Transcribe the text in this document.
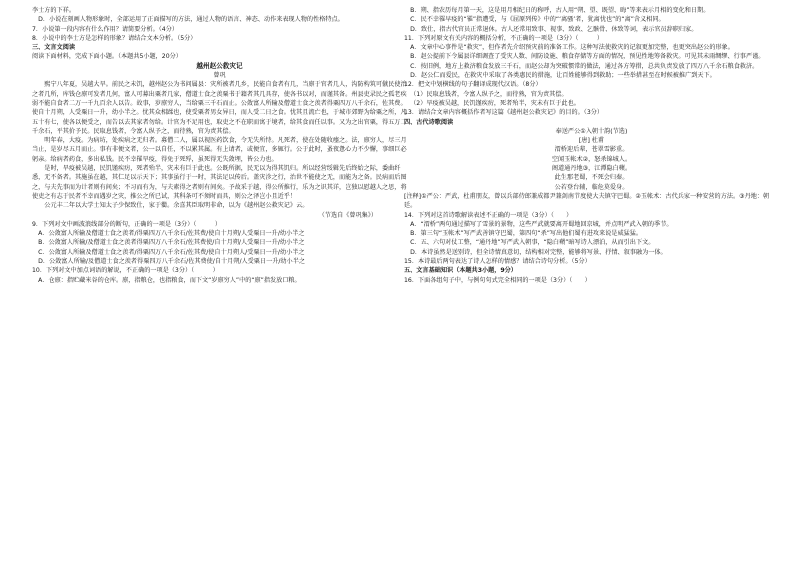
李士方的下祥。

D．小说在刻画人物形象时，全部运用了正面描写的方法，通过人物的语言、神态、动作来表现人物的性格特点。

7．小说第一段内容有什么作用？请简要分析。（4分）

8．小说中的李士方是怎样的形象？请结合文本分析。（5分）

三、文言文阅读

阅读下面材料，完成下面小题。（本题共5小题，20分）

越州赵公救灾记

曾巩

熙宁八年夏，吴越大旱。前民之未饥，越州赵公为书问属县：灾所被者几乡，民能自食者有几，当廪于官者几人，沟防构筑可僦民使治之者几所，库钱仓廪可发者几何，富人可募出粟者几家，僧道士食之羡粟书于籍者其几具存，使各书以对，而谨其备。州县吏录民之孤老疾弱不能自食者二万一千九百余人以告。故事，岁廪穷人，当给粟三千石而止。公敛富人所输及僧道士食之羡者得粟四万八千余石，佐其费。使自十月朔，人受粟日一升，幼小半之。忧其众相蹂也，使受粟者男女异日，而人受二日之食。忧其且流亡也，于城市郊野为给粟之所，凡五十有七，使各以便受之，而告以去其家者勿给。计官为不足用也，取吏之不在职而寓于境者，给其食而任以事。又为之出官粟，得五万二千余石，平其价予民。民取息钱者，令富人纵予之，而待熟，官为责其偿。

明年春，大疫。为病坊，处疾病之无归者。募僧二人，属以视医药饮食，令无失所恃。凡死者，使在处随收瘗之。法，廪穷人，尽三月当止，是岁尽五月而止。事有非便文者，公一以自任，不以累其属。有上请者，或便宜，多辄行。公于此时，蚤夜惫心力不少懈，事细巨必躬亲。给病者药食，多出私钱。民不幸罹旱疫，得免于死殍，虽死得无失敛埋，皆公力也。

是时，旱疫被吴越，民饥馑疾疠，死者殆半，灾未有巨于此也。公既所据，民无以为得其饥归。所以经营绥辑先后终始之际，委曲纤悉，无不备者。其施虽在越，其仁足以示天下；其事虽行于一时，其法足以传后。盖灾沴之行，治世不能使之无，而能为之备。民病而后图之，与夫先事而为计者则有间矣；不习而有为，与夫素得之者则有间矣。予故采于越，得公所推行，乐为之识其详，岂独以慰越人之思，将使吏之有志于民者不幸而遇岁之灾，推公之所已试，其科条可不须时而具，则公之泽岂小且近乎！

公元丰二年以大学士知太子少保致仕，家于衢。余喜其臣取明非命，以为《越州赵公救灾记》云。

（节选自《曾巩集》）

9．下列对文中画波浪线部分的断句，正确的一项是（3分）（　　　）

A．公敛富人所输及僧道士食之羡者/得粟四万八千余石/佐其费/使自十月朔/人受粟日一升/幼小半之

B．公敛富人所输/及僧道士食之羡者得粟四万八千余石/佐其费使/自十月朔/人受粟日一升/幼小半之

C．公敛富人所输及僧道士食之羡者/得粟四万八千余石/佐其费/使自十月朔人/受粟日一升/幼小半之

D．公敛富人所输/及僧道士食之羡者得粟四万八千余石/佐其费使/自十月朔/人受粟日一升/幼小半之

10．下列对文中加点词语的解说，不正确的一项是（3分）（　　　）

A．仓廪：指贮藏米谷的仓库。廪，指粮仓，也指粮食，而下文“岁廪穷人”中的“廪”指发放口粮。

B．朔、指农历每月第一天，这是用月相纪日的称呼，古人用“朔、望、既望、晦”等来表示月相的变化和日期。

C．民不幸罹早疫的“罹”指遭受，与《屈原列传》中的“‘离骚’者，犹离忧也”的“离”含义相同。

D．致仕，指古代官员正常退休。古人还常用致事、视事、致政、乞骸骨、休致等词，表示官员辞职归家。

11．下列对原文有关内容的概括分析，不正确的一项是（3分）（　　　）

A．文章中心事件是“救灾”，但作者先介绍预灾前的准备工作。这种写法使救灾的记叙更加完整，也更突出赵公的形象。

B．赵公提前下令属县详细调查了受灾人数、间防设施、粮食存储等方面的情况，预见性地筹备救灾。可见其未雨绸缪、行事严谨。

C．按旧例，地方上救济粮食发放三千石，而赵公却为突破惯常的做法，通过各方筹措，总共负责发放了四万八千余石粮食救济。

D．赵公仁而爱民，在救灾中采取了各类惠民的措施，让百姓能够得到救助；一些举措甚至在时候被推广到天下。

12．把文中划横线的句子翻译成现代汉语。（8分）

（1）民取息钱者，令富人纵予之，而待熟，官为责其偿。

（2）旱疫被吴越，民饥馑疾疠，死者殆半，灾未有巨于此也。

13．请结合文章内容概括作者写这篇《越州赵公救灾记》的目的。（3分）

四、古代诗歌阅读

奉送严公①入朝十韵(节选)

[唐] 杜甫

渭桥迎后辈，苍翠雪影重。

空闻玉帐术②，怒杀锦城人。

阁道通丹地③，江潭隐白蘋。

此生那老蜀，不死会归秦。

公若登台辅，临危莫爱身。

[注释]①严公：严武，杜甫朋友，曾以兵部侍郎兼成都尹兼剑南节度使大夫镇守巴蜀。②玉帐术：古代兵家一种安营的方法。③丹地：朝廷。

14．下列对这首诗歌解读表述不正确的一项是（3分）（　　）

A．“渭桥”两句通过描写了雪景的景物，这些严武就要离开蜀地回京城，并点明严武入朝的季节。

B．第三句“玉帐术”写严武善镇守巴蜀，第四句“杀”写出他们蜀有进攻来说是威猛猛。

C．五、六句对仗工整，“通丹地”写严武入朝事，“隐白蘋”暗写诗人漂泊，从而引出下文。

D．本诗虽然是送别诗，但全诗情真意切，结构相对完整，能够将写景、抒情、叙事融为一体。

15．本诗最后两句表达了诗人怎样的情感？请结合诗句分析。（5分）

五、文言基础知识（本题共3小题，9分）

16．下面各组句子中，与例句句式完全相同的一项是（3分）（　　）
